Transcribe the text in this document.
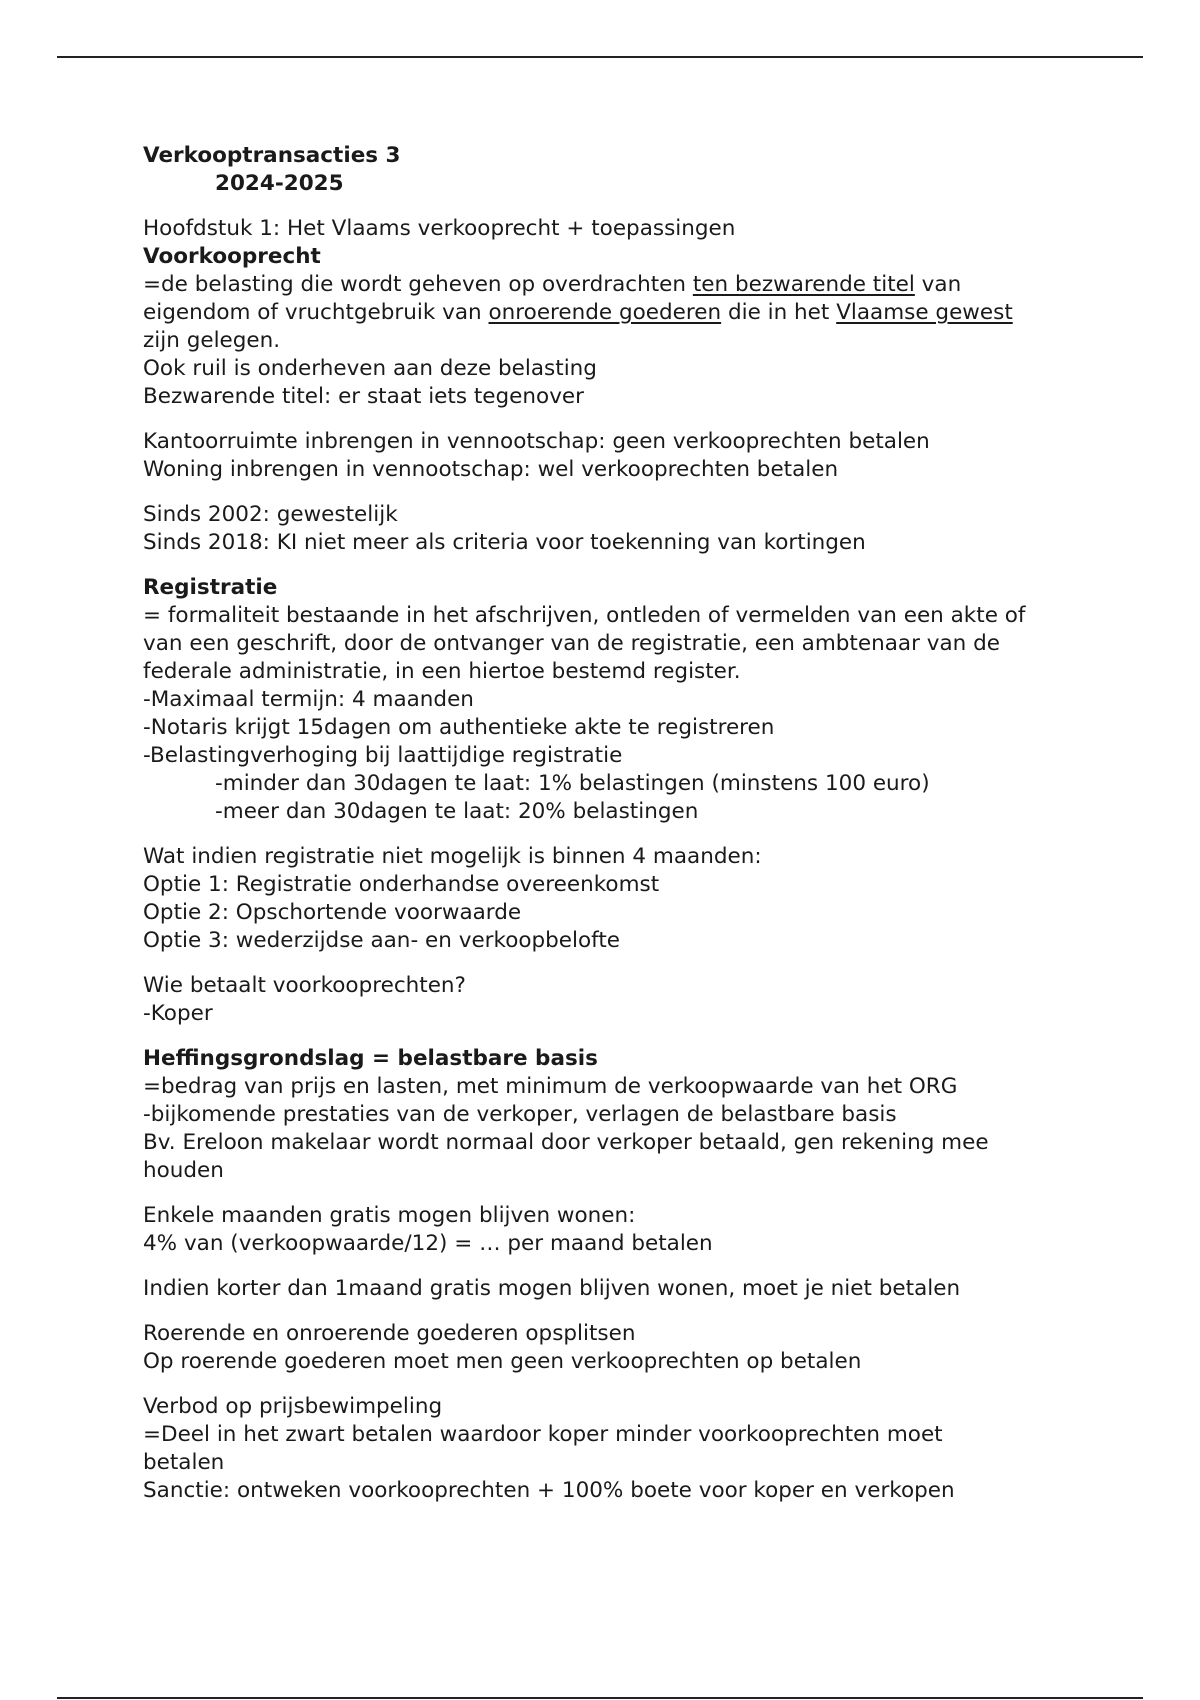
Verkooptransacties 3
2024-2025
Hoofdstuk 1: Het Vlaams verkooprecht + toepassingen
Voorkooprecht
=de belasting die wordt geheven op overdrachten ten bezwarende titel van
eigendom of vruchtgebruik van onroerende goederen die in het Vlaamse gewest
zijn gelegen.
Ook ruil is onderheven aan deze belasting
Bezwarende titel: er staat iets tegenover
Kantoorruimte inbrengen in vennootschap: geen verkooprechten betalen
Woning inbrengen in vennootschap: wel verkooprechten betalen
Sinds 2002: gewestelijk
Sinds 2018: KI niet meer als criteria voor toekenning van kortingen
Registratie
= formaliteit bestaande in het afschrijven, ontleden of vermelden van een akte of
van een geschrift, door de ontvanger van de registratie, een ambtenaar van de
federale administratie, in een hiertoe bestemd register.
-Maximaal termijn: 4 maanden
-Notaris krijgt 15dagen om authentieke akte te registreren
-Belastingverhoging bij laattijdige registratie
-minder dan 30dagen te laat: 1% belastingen (minstens 100 euro)
-meer dan 30dagen te laat: 20% belastingen
Wat indien registratie niet mogelijk is binnen 4 maanden:
Optie 1: Registratie onderhandse overeenkomst
Optie 2: Opschortende voorwaarde
Optie 3: wederzijdse aan- en verkoopbelofte
Wie betaalt voorkooprechten?
-Koper
Heffingsgrondslag = belastbare basis
=bedrag van prijs en lasten, met minimum de verkoopwaarde van het ORG
-bijkomende prestaties van de verkoper, verlagen de belastbare basis
Bv. Ereloon makelaar wordt normaal door verkoper betaald, gen rekening mee
houden
Enkele maanden gratis mogen blijven wonen:
4% van (verkoopwaarde/12) = … per maand betalen
Indien korter dan 1maand gratis mogen blijven wonen, moet je niet betalen
Roerende en onroerende goederen opsplitsen
Op roerende goederen moet men geen verkooprechten op betalen
Verbod op prijsbewimpeling
=Deel in het zwart betalen waardoor koper minder voorkooprechten moet
betalen
Sanctie: ontweken voorkooprechten + 100% boete voor koper en verkopen
